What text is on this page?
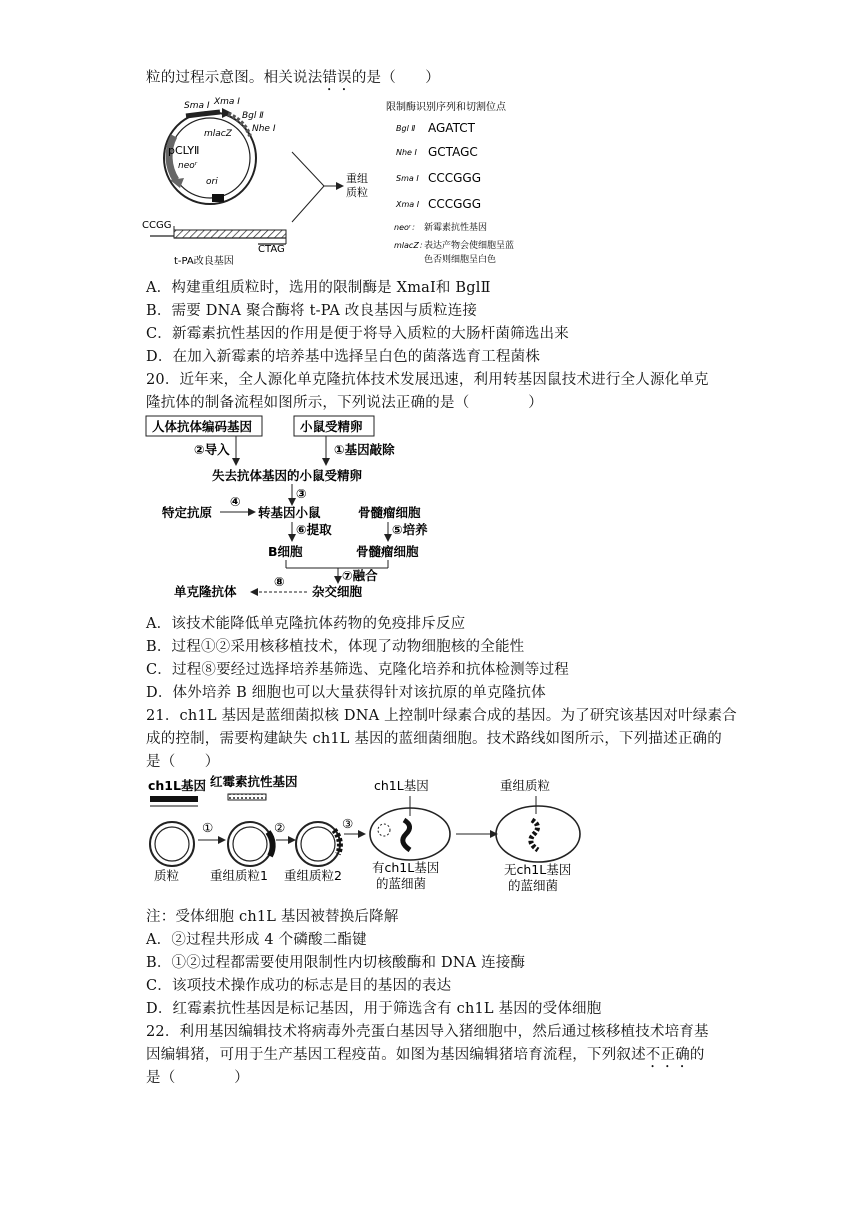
粒的过程示意图。相关说法错误的是（　　）
Sma Ⅰ Xma Ⅰ
Bgl Ⅱ
Nhe Ⅰ
mlacZ
pCLYⅡ
neoʳ
ori
CCGG
CTAG
t-PA改良基因
重组
质粒
限制酶识别序列和切割位点
Bgl Ⅱ AGATCT
Nhe Ⅰ GCTAGC
Sma Ⅰ CCCGGG
Xma Ⅰ CCCGGG
neoʳ： 新霉素抗性基因
mlacZ：
表达产物会使细胞呈蓝
色否则细胞呈白色
A．构建重组质粒时，选用的限制酶是 XmaⅠ和 BglⅡ
B．需要 DNA 聚合酶将 t-PA 改良基因与质粒连接
C．新霉素抗性基因的作用是便于将导入质粒的大肠杆菌筛选出来
D．在加入新霉素的培养基中选择呈白色的菌落选育工程菌株
20．近年来，全人源化单克隆抗体技术发展迅速，利用转基因鼠技术进行全人源化单克
隆抗体的制备流程如图所示，下列说法正确的是（　　　　）
人体抗体编码基因	小鼠受精卵
②导入	①基因敲除
失去抗体基因的小鼠受精卵
③
特定抗原
④
转基因小鼠	骨髓瘤细胞
⑥提取	⑤培养
B细胞	骨髓瘤细胞
⑦融合
单克隆抗体
⑧
杂交细胞
A．该技术能降低单克隆抗体药物的免疫排斥反应
B．过程①②采用核移植技术，体现了动物细胞核的全能性
C．过程⑧要经过选择培养基筛选、克隆化培养和抗体检测等过程
D．体外培养 B 细胞也可以大量获得针对该抗原的单克隆抗体
21．ch1L 基因是蓝细菌拟核 DNA 上控制叶绿素合成的基因。为了研究该基因对叶绿素合
成的控制，需要构建缺失 ch1L 基因的蓝细菌细胞。技术路线如图所示，下列描述正确的
是（　　）
ch1L基因 红霉素抗性基因
质粒
①
重组质粒1
②
重组质粒2
③
ch1L基因
有ch1L基因
的蓝细菌
重组质粒
无ch1L基因
的蓝细菌
注：受体细胞 ch1L 基因被替换后降解
A．②过程共形成 4 个磷酸二酯键
B．①②过程都需要使用限制性内切核酸酶和 DNA 连接酶
C．该项技术操作成功的标志是目的基因的表达
D．红霉素抗性基因是标记基因，用于筛选含有 ch1L 基因的受体细胞
22．利用基因编辑技术将病毒外壳蛋白基因导入猪细胞中，然后通过核移植技术培育基
因编辑猪，可用于生产基因工程疫苗。如图为基因编辑猪培育流程，下列叙述不正确的
是（　　　　）
